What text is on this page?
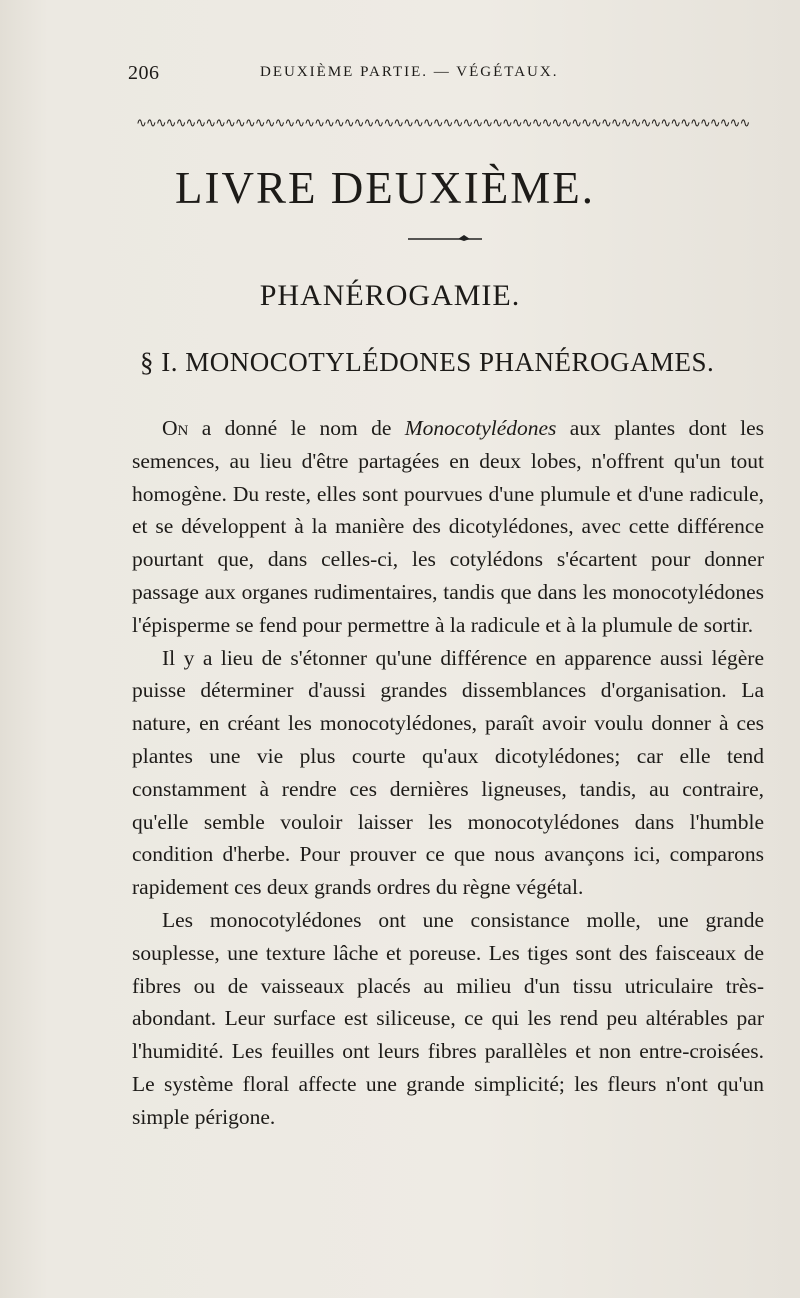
206	DEUXIÈME PARTIE. — VÉGÉTAUX.
∿∿∿∿∿∿∿∿∿∿∿∿∿∿∿∿∿∿∿∿∿∿∿∿∿∿∿∿∿∿∿∿∿∿∿∿∿∿∿∿∿∿∿∿∿∿∿∿∿∿∿∿∿∿∿∿∿∿∿∿∿∿
LIVRE DEUXIÈME.
PHANÉROGAMIE.
§ I. MONOCOTYLÉDONES PHANÉROGAMES.

On a donné le nom de Monocotylédones aux plantes dont les semences, au lieu d'être partagées en deux lobes, n'offrent qu'un tout homogène. Du reste, elles sont pourvues d'une plumule et d'une radicule, et se développent à la manière des dicotylédones, avec cette différence pourtant que, dans celles-ci, les cotylédons s'écartent pour donner passage aux organes rudimentaires, tandis que dans les monocotylédones l'épisperme se fend pour permettre à la radicule et à la plumule de sortir.

Il y a lieu de s'étonner qu'une différence en apparence aussi légère puisse déterminer d'aussi grandes dissemblances d'organisation. La nature, en créant les monocotylédones, paraît avoir voulu donner à ces plantes une vie plus courte qu'aux dicotylédones; car elle tend constamment à rendre ces dernières ligneuses, tandis, au contraire, qu'elle semble vouloir laisser les monocotylédones dans l'humble condition d'herbe. Pour prouver ce que nous avançons ici, comparons rapidement ces deux grands ordres du règne végétal.

Les monocotylédones ont une consistance molle, une grande souplesse, une texture lâche et poreuse. Les tiges sont des faisceaux de fibres ou de vaisseaux placés au milieu d'un tissu utriculaire très-abondant. Leur surface est siliceuse, ce qui les rend peu altérables par l'humidité. Les feuilles ont leurs fibres parallèles et non entre-croisées. Le système floral affecte une grande simplicité; les fleurs n'ont qu'un simple périgone.
